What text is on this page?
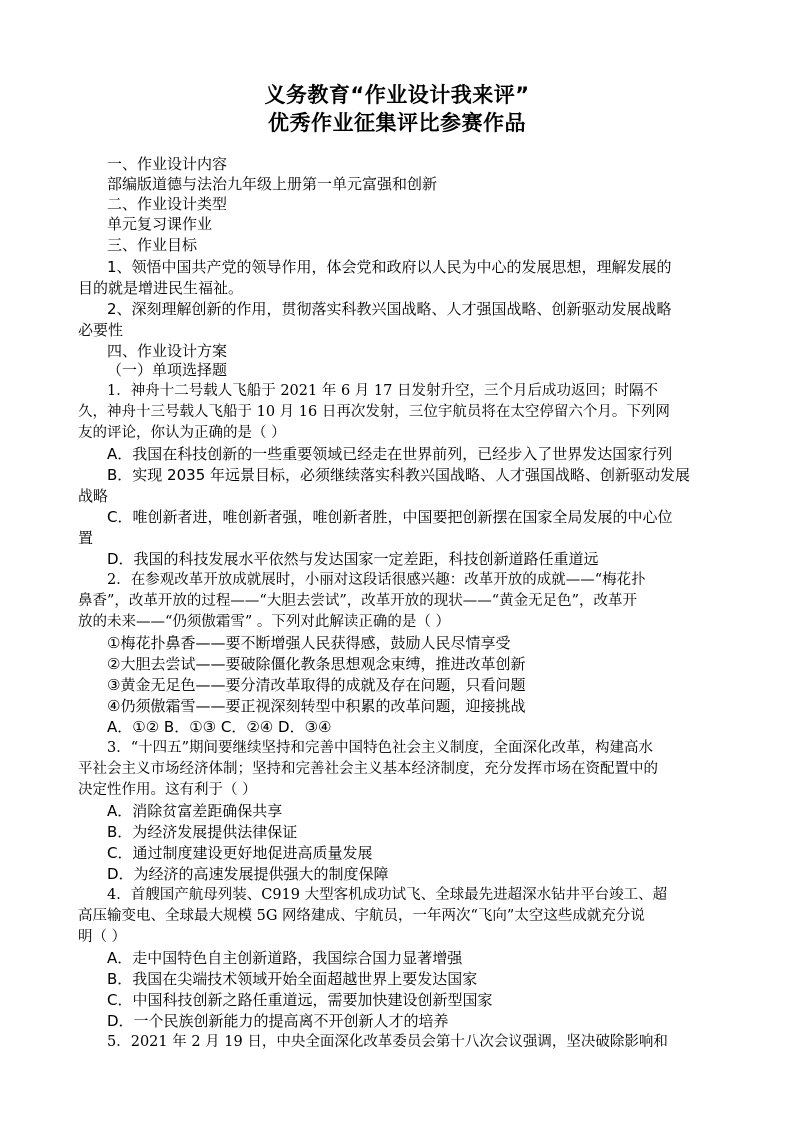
义务教育“作业设计我来评”
优秀作业征集评比参赛作品
一、作业设计内容
部编版道德与法治九年级上册第一单元富强和创新
二、作业设计类型
单元复习课作业
三、作业目标
1、领悟中国共产党的领导作用，体会党和政府以人民为中心的发展思想，理解发展的
目的就是增进民生福祉。
2、深刻理解创新的作用，贯彻落实科教兴国战略、人才强国战略、创新驱动发展战略
必要性
四、作业设计方案
（一）单项选择题
1．神舟十二号载人飞船于 2021 年 6 月 17 日发射升空，三个月后成功返回；时隔不
久，神舟十三号载人飞船于 10 月 16 日再次发射，三位宇航员将在太空停留六个月。下列网
友的评论，你认为正确的是（ ）
A．我国在科技创新的一些重要领域已经走在世界前列，已经步入了世界发达国家行列
B．实现 2035 年远景目标，必须继续落实科教兴国战略、人才强国战略、创新驱动发展
战略
C．唯创新者进，唯创新者强，唯创新者胜，中国要把创新摆在国家全局发展的中心位
置
D．我国的科技发展水平依然与发达国家一定差距，科技创新道路任重道远
2．在参观改革开放成就展时，小丽对这段话很感兴趣：改革开放的成就——“梅花扑
鼻香”，改革开放的过程——“大胆去尝试”，改革开放的现状——“黄金无足色”，改革开
放的未来——“仍须傲霜雪” 。下列对此解读正确的是（ ）
①梅花扑鼻香——要不断增强人民获得感，鼓励人民尽情享受
②大胆去尝试——要破除僵化教条思想观念束缚，推进改革创新
③黄金无足色——要分清改革取得的成就及存在问题，只看问题
④仍须傲霜雪——要正视深刻转型中积累的改革问题，迎接挑战
A．①② B．①③ C．②④ D．③④
3．“十四五”期间要继续坚持和完善中国特色社会主义制度，全面深化改革，构建高水
平社会主义市场经济体制；坚持和完善社会主义基本经济制度，充分发挥市场在资配置中的
决定性作用。这有利于（ ）
A．消除贫富差距确保共享
B．为经济发展提供法律保证
C．通过制度建设更好地促进高质量发展
D．为经济的高速发展提供强大的制度保障
4．首艘国产航母列装、C919 大型客机成功试飞、全球最先进超深水钻井平台竣工、超
高压输变电、全球最大规模 5G 网络建成、宇航员，一年两次“飞向”太空这些成就充分说
明（ ）
A．走中国特色自主创新道路，我国综合国力显著增强
B．我国在尖端技术领域开始全面超越世界上要发达国家
C．中国科技创新之路任重道远，需要加快建设创新型国家
D．一个民族创新能力的提高离不开创新人才的培养
5．2021 年 2 月 19 日，中央全面深化改革委员会第十八次会议强调，坚决破除影响和
